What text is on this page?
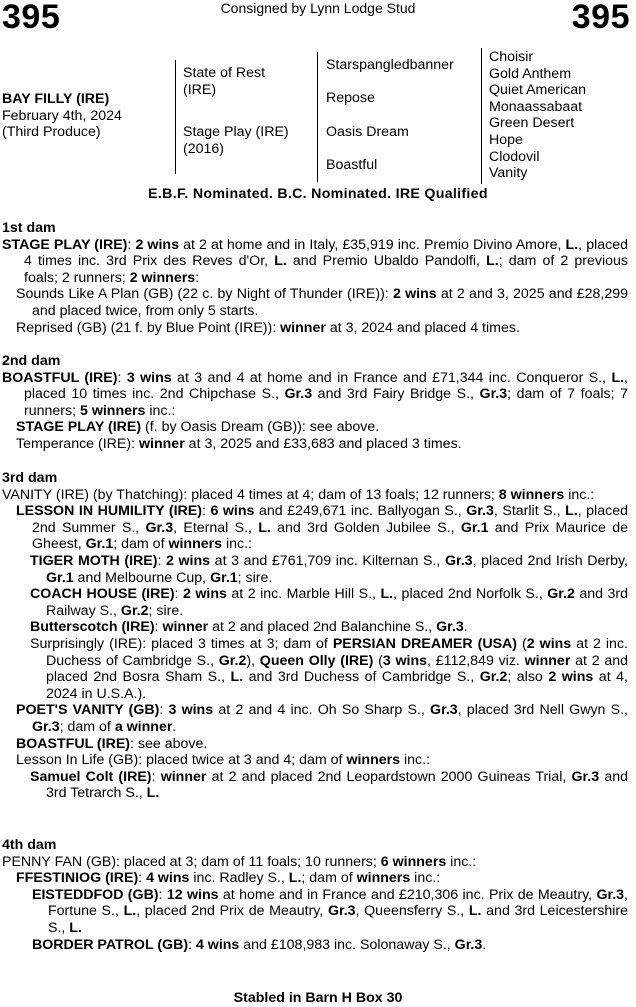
395	Consigned by Lynn Lodge Stud	395
BAY FILLY (IRE)
February 4th, 2024
(Third Produce)
State of Rest
(IRE)
Stage Play (IRE)
(2016)
Starspangledbanner
Repose
Oasis Dream
Boastful
Choisir
Gold Anthem
Quiet American
Monaassabaat
Green Desert
Hope
Clodovil
Vanity
E.B.F. Nominated. B.C. Nominated. IRE Qualified
1st dam
STAGE PLAY (IRE): 2 wins at 2 at home and in Italy, £35,919 inc. Premio Divino Amore, L., placed 4 times inc. 3rd Prix des Reves d'Or, L. and Premio Ubaldo Pandolfi, L.; dam of 2 previous foals; 2 runners; 2 winners:
Sounds Like A Plan (GB) (22 c. by Night of Thunder (IRE)): 2 wins at 2 and 3, 2025 and £28,299 and placed twice, from only 5 starts.
Reprised (GB) (21 f. by Blue Point (IRE)): winner at 3, 2024 and placed 4 times.
2nd dam
BOASTFUL (IRE): 3 wins at 3 and 4 at home and in France and £71,344 inc. Conqueror S., L., placed 10 times inc. 2nd Chipchase S., Gr.3 and 3rd Fairy Bridge S., Gr.3; dam of 7 foals; 7 runners; 5 winners inc.:
STAGE PLAY (IRE) (f. by Oasis Dream (GB)): see above.
Temperance (IRE): winner at 3, 2025 and £33,683 and placed 3 times.
3rd dam
VANITY (IRE) (by Thatching): placed 4 times at 4; dam of 13 foals; 12 runners; 8 winners inc.:
LESSON IN HUMILITY (IRE): 6 wins and £249,671 inc. Ballyogan S., Gr.3, Starlit S., L., placed 2nd Summer S., Gr.3, Eternal S., L. and 3rd Golden Jubilee S., Gr.1 and Prix Maurice de Gheest, Gr.1; dam of winners inc.:
TIGER MOTH (IRE): 2 wins at 3 and £761,709 inc. Kilternan S., Gr.3, placed 2nd Irish Derby, Gr.1 and Melbourne Cup, Gr.1; sire.
COACH HOUSE (IRE): 2 wins at 2 inc. Marble Hill S., L., placed 2nd Norfolk S., Gr.2 and 3rd Railway S., Gr.2; sire.
Butterscotch (IRE): winner at 2 and placed 2nd Balanchine S., Gr.3.
Surprisingly (IRE): placed 3 times at 3; dam of PERSIAN DREAMER (USA) (2 wins at 2 inc. Duchess of Cambridge S., Gr.2), Queen Olly (IRE) (3 wins, £112,849 viz. winner at 2 and placed 2nd Bosra Sham S., L. and 3rd Duchess of Cambridge S., Gr.2; also 2 wins at 4, 2024 in U.S.A.).
POET'S VANITY (GB): 3 wins at 2 and 4 inc. Oh So Sharp S., Gr.3, placed 3rd Nell Gwyn S., Gr.3; dam of a winner.
BOASTFUL (IRE): see above.
Lesson In Life (GB): placed twice at 3 and 4; dam of winners inc.:
Samuel Colt (IRE): winner at 2 and placed 2nd Leopardstown 2000 Guineas Trial, Gr.3 and 3rd Tetrarch S., L.
4th dam
PENNY FAN (GB): placed at 3; dam of 11 foals; 10 runners; 6 winners inc.:
FFESTINIOG (IRE): 4 wins inc. Radley S., L.; dam of winners inc.:
EISTEDDFOD (GB): 12 wins at home and in France and £210,306 inc. Prix de Meautry, Gr.3, Fortune S., L., placed 2nd Prix de Meautry, Gr.3, Queensferry S., L. and 3rd Leicestershire S., L.
BORDER PATROL (GB): 4 wins and £108,983 inc. Solonaway S., Gr.3.
Stabled in Barn H Box 30
